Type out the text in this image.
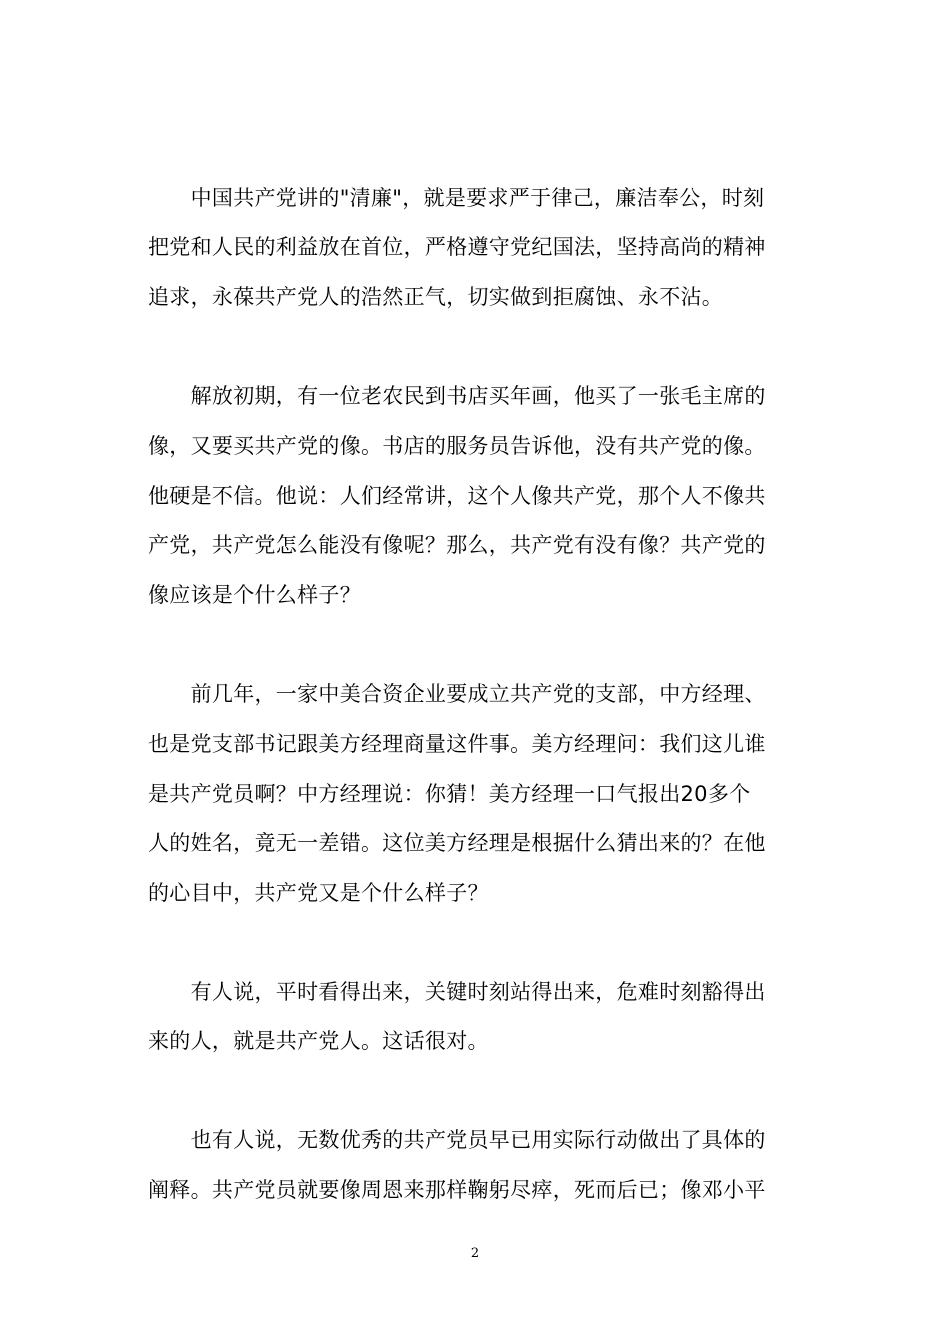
　　中国共产党讲的"清廉"，就是要求严于律己，廉洁奉公，时刻
把党和人民的利益放在首位，严格遵守党纪国法，坚持高尚的精神
追求，永葆共产党人的浩然正气，切实做到拒腐蚀、永不沾。
　　解放初期，有一位老农民到书店买年画，他买了一张毛主席的
像，又要买共产党的像。书店的服务员告诉他，没有共产党的像。
他硬是不信。他说：人们经常讲，这个人像共产党，那个人不像共
产党，共产党怎么能没有像呢？那么，共产党有没有像？共产党的
像应该是个什么样子？
　　前几年，一家中美合资企业要成立共产党的支部，中方经理、
也是党支部书记跟美方经理商量这件事。美方经理问：我们这儿谁
是共产党员啊？中方经理说：你猜！美方经理一口气报出20多个
人的姓名，竟无一差错。这位美方经理是根据什么猜出来的？在他
的心目中，共产党又是个什么样子？
　　有人说，平时看得出来，关键时刻站得出来，危难时刻豁得出
来的人，就是共产党人。这话很对。
　　也有人说，无数优秀的共产党员早已用实际行动做出了具体的
阐释。共产党员就要像周恩来那样鞠躬尽瘁，死而后已；像邓小平
2
